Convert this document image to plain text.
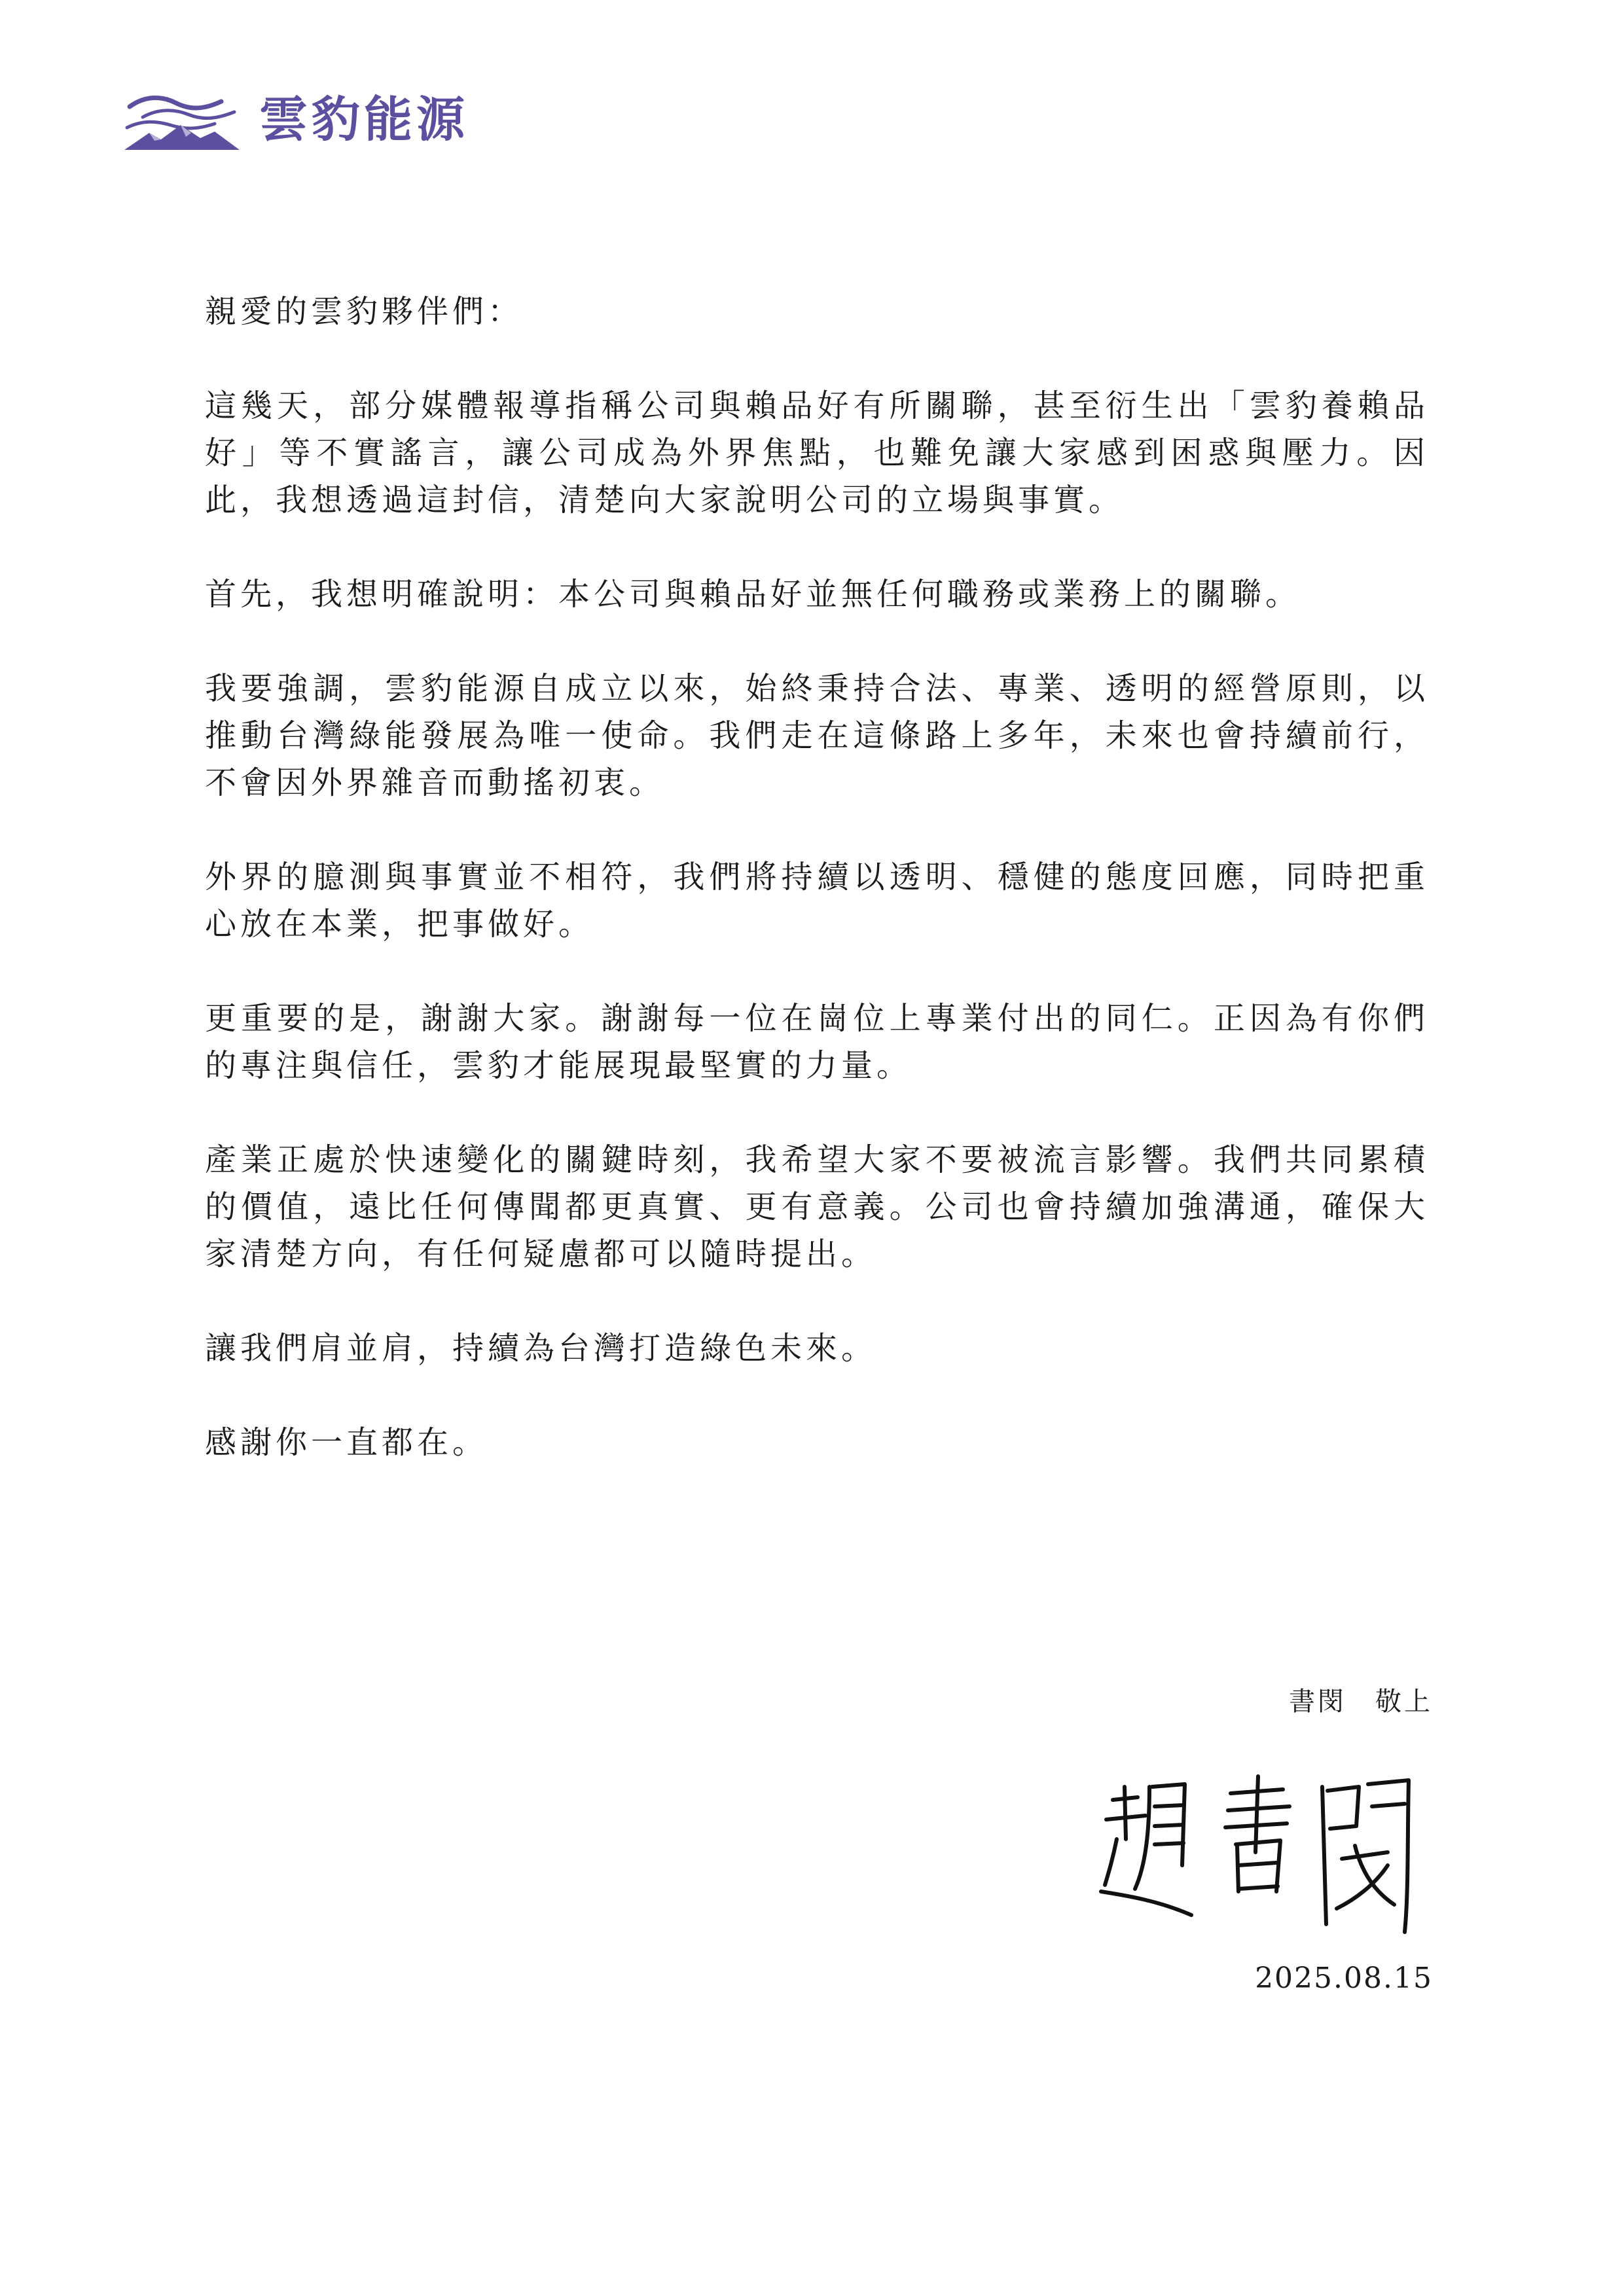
雲豹能源

親愛的雲豹夥伴們：

這幾天，部分媒體報導指稱公司與賴品好有所關聯，甚至衍生出「雲豹養賴品好」等不實謠言，讓公司成為外界焦點，也難免讓大家感到困惑與壓力。因此，我想透過這封信，清楚向大家說明公司的立場與事實。

首先，我想明確說明：本公司與賴品好並無任何職務或業務上的關聯。

我要強調，雲豹能源自成立以來，始終秉持合法、專業、透明的經營原則，以推動台灣綠能發展為唯一使命。我們走在這條路上多年，未來也會持續前行，不會因外界雜音而動搖初衷。

外界的臆測與事實並不相符，我們將持續以透明、穩健的態度回應，同時把重心放在本業，把事做好。

更重要的是，謝謝大家。謝謝每一位在崗位上專業付出的同仁。正因為有你們的專注與信任，雲豹才能展現最堅實的力量。

產業正處於快速變化的關鍵時刻，我希望大家不要被流言影響。我們共同累積的價值，遠比任何傳聞都更真實、更有意義。公司也會持續加強溝通，確保大家清楚方向，有任何疑慮都可以隨時提出。

讓我們肩並肩，持續為台灣打造綠色未來。

感謝你一直都在。

書閔　敬上
2025.08.15
